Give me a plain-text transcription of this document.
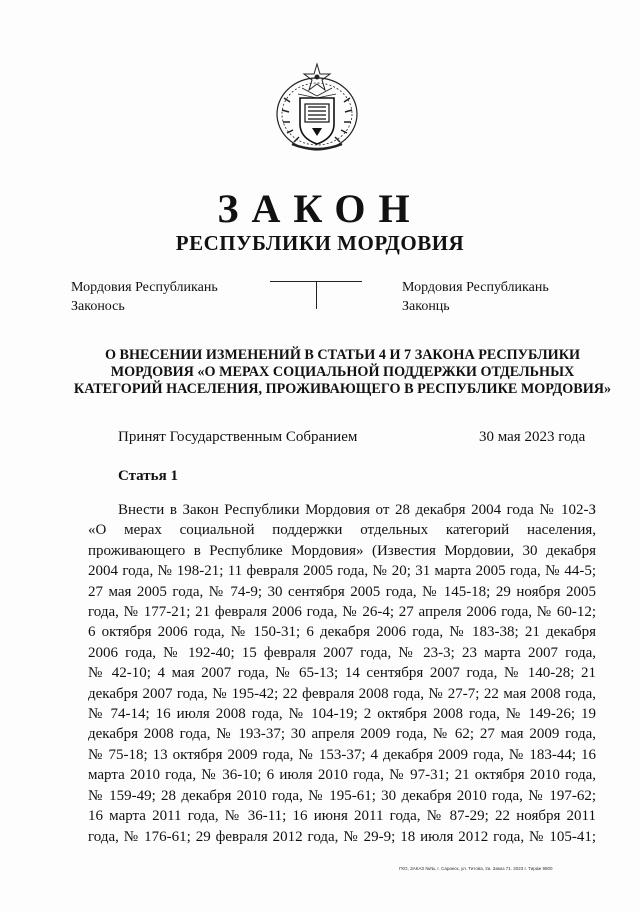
ЗАКОН
РЕСПУБЛИКИ МОРДОВИЯ
Мордовия Республикань
Законось
Мордовия Республикань
Законць
О ВНЕСЕНИИ ИЗМЕНЕНИЙ В СТАТЬИ 4 И 7 ЗАКОНА РЕСПУБЛИКИ
МОРДОВИЯ «О МЕРАХ СОЦИАЛЬНОЙ ПОДДЕРЖКИ ОТДЕЛЬНЫХ
КАТЕГОРИЙ НАСЕЛЕНИЯ, ПРОЖИВАЮЩЕГО В РЕСПУБЛИКЕ МОРДОВИЯ»
Принят Государственным Собранием	30 мая 2023 года
Статья 1
Внести в Закон Республики Мордовия от 28 декабря 2004 года № 102-З
«О мерах социальной поддержки отдельных категорий населения,
проживающего в Республике Мордовия» (Известия Мордовии, 30 декабря
2004 года, № 198-21; 11 февраля 2005 года, № 20; 31 марта 2005 года, № 44-5;
27 мая 2005 года, № 74-9; 30 сентября 2005 года, № 145-18; 29 ноября 2005
года, № 177-21; 21 февраля 2006 года, № 26-4; 27 апреля 2006 года, № 60-12;
6 октября 2006 года, № 150-31; 6 декабря 2006 года, № 183-38; 21 декабря
2006 года, № 192-40; 15 февраля 2007 года, № 23-3; 23 марта 2007 года,
№ 42-10; 4 мая 2007 года, № 65-13; 14 сентября 2007 года, № 140-28; 21
декабря 2007 года, № 195-42; 22 февраля 2008 года, № 27-7; 22 мая 2008 года,
№ 74-14; 16 июля 2008 года, № 104-19; 2 октября 2008 года, № 149-26; 19
декабря 2008 года, № 193-37; 30 апреля 2009 года, № 62; 27 мая 2009 года,
№ 75-18; 13 октября 2009 года, № 153-37; 4 декабря 2009 года, № 183-44; 16
марта 2010 года, № 36-10; 6 июля 2010 года, № 97-31; 21 октября 2010 года,
№ 159-49; 28 декабря 2010 года, № 195-61; 30 декабря 2010 года, № 197-62;
16 марта 2011 года, № 36-11; 16 июня 2011 года, № 87-29; 22 ноября 2011
года, № 176-61; 29 февраля 2012 года, № 29-9; 18 июля 2012 года, № 105-41;
ГКО, ЗАКАЗ №№, г. Саранск, ул. Титова, 2а. Заказ 71. 2023 г. Тираж 9800
